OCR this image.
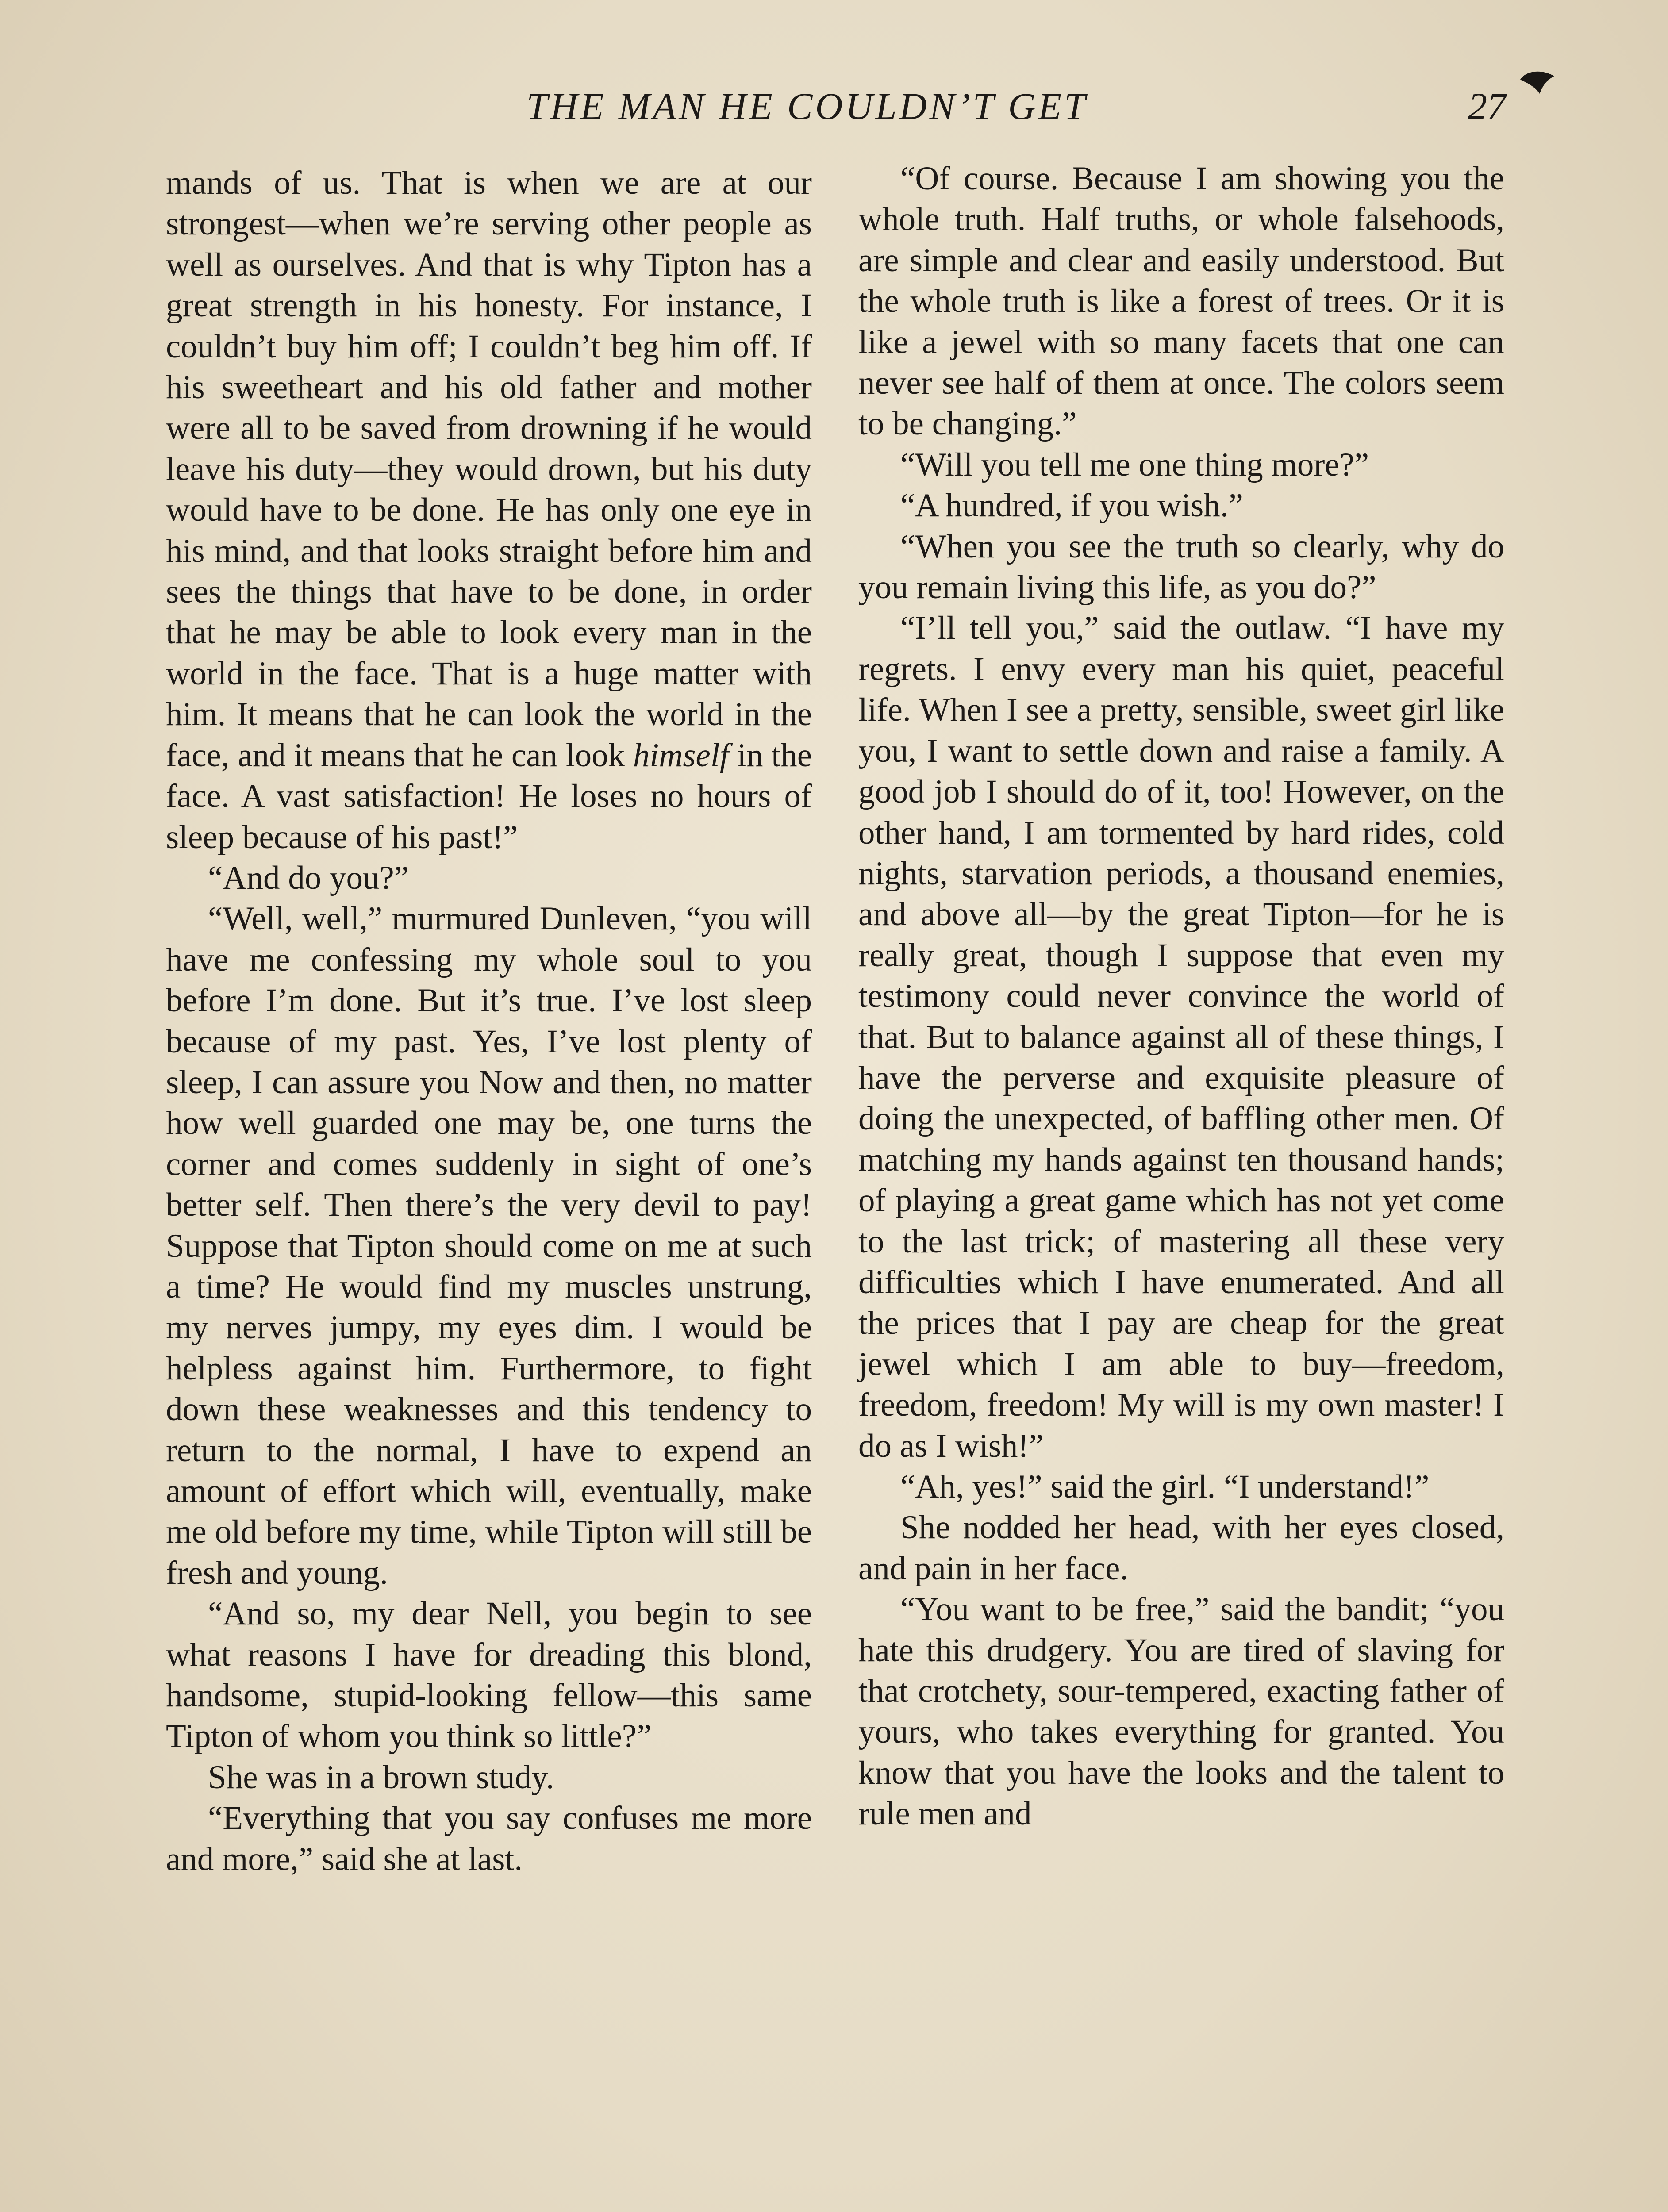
THE MAN HE COULDN’T GET	27

mands of us. That is when we are at our strongest—when we’re serving other people as well as ourselves. And that is why Tipton has a great strength in his honesty. For instance, I couldn’t buy him off; I couldn’t beg him off. If his sweetheart and his old father and mother were all to be saved from drowning if he would leave his duty—they would drown, but his duty would have to be done. He has only one eye in his mind, and that looks straight before him and sees the things that have to be done, in order that he may be able to look every man in the world in the face. That is a huge matter with him. It means that he can look the world in the face, and it means that he can look himself in the face. A vast satisfaction! He loses no hours of sleep because of his past!”

“And do you?”

“Well, well,” murmured Dunleven, “you will have me confessing my whole soul to you before I’m done. But it’s true. I’ve lost sleep because of my past. Yes, I’ve lost plenty of sleep, I can assure you Now and then, no matter how well guarded one may be, one turns the corner and comes suddenly in sight of one’s better self. Then there’s the very devil to pay! Suppose that Tipton should come on me at such a time? He would find my muscles unstrung, my nerves jumpy, my eyes dim. I would be helpless against him. Furthermore, to fight down these weaknesses and this tendency to return to the normal, I have to expend an amount of effort which will, eventually, make me old before my time, while Tipton will still be fresh and young.

“And so, my dear Nell, you begin to see what reasons I have for dreading this blond, handsome, stupid-looking fellow—this same Tipton of whom you think so little?”

She was in a brown study.

“Everything that you say confuses me more and more,” said she at last.

“Of course. Because I am showing you the whole truth. Half truths, or whole falsehoods, are simple and clear and easily understood. But the whole truth is like a forest of trees. Or it is like a jewel with so many facets that one can never see half of them at once. The colors seem to be changing.”

“Will you tell me one thing more?”

“A hundred, if you wish.”

“When you see the truth so clearly, why do you remain living this life, as you do?”

“I’ll tell you,” said the outlaw. “I have my regrets. I envy every man his quiet, peaceful life. When I see a pretty, sensible, sweet girl like you, I want to settle down and raise a family. A good job I should do of it, too! However, on the other hand, I am tormented by hard rides, cold nights, starvation periods, a thousand enemies, and above all—by the great Tipton—for he is really great, though I suppose that even my testimony could never convince the world of that. But to balance against all of these things, I have the perverse and exquisite pleasure of doing the unexpected, of baffling other men. Of matching my hands against ten thousand hands; of playing a great game which has not yet come to the last trick; of mastering all these very difficulties which I have enumerated. And all the prices that I pay are cheap for the great jewel which I am able to buy—freedom, freedom, freedom! My will is my own master! I do as I wish!”

“Ah, yes!” said the girl. “I understand!”

She nodded her head, with her eyes closed, and pain in her face.

“You want to be free,” said the bandit; “you hate this drudgery. You are tired of slaving for that crotchety, sour-tempered, exacting father of yours, who takes everything for granted. You know that you have the looks and the talent to rule men and
